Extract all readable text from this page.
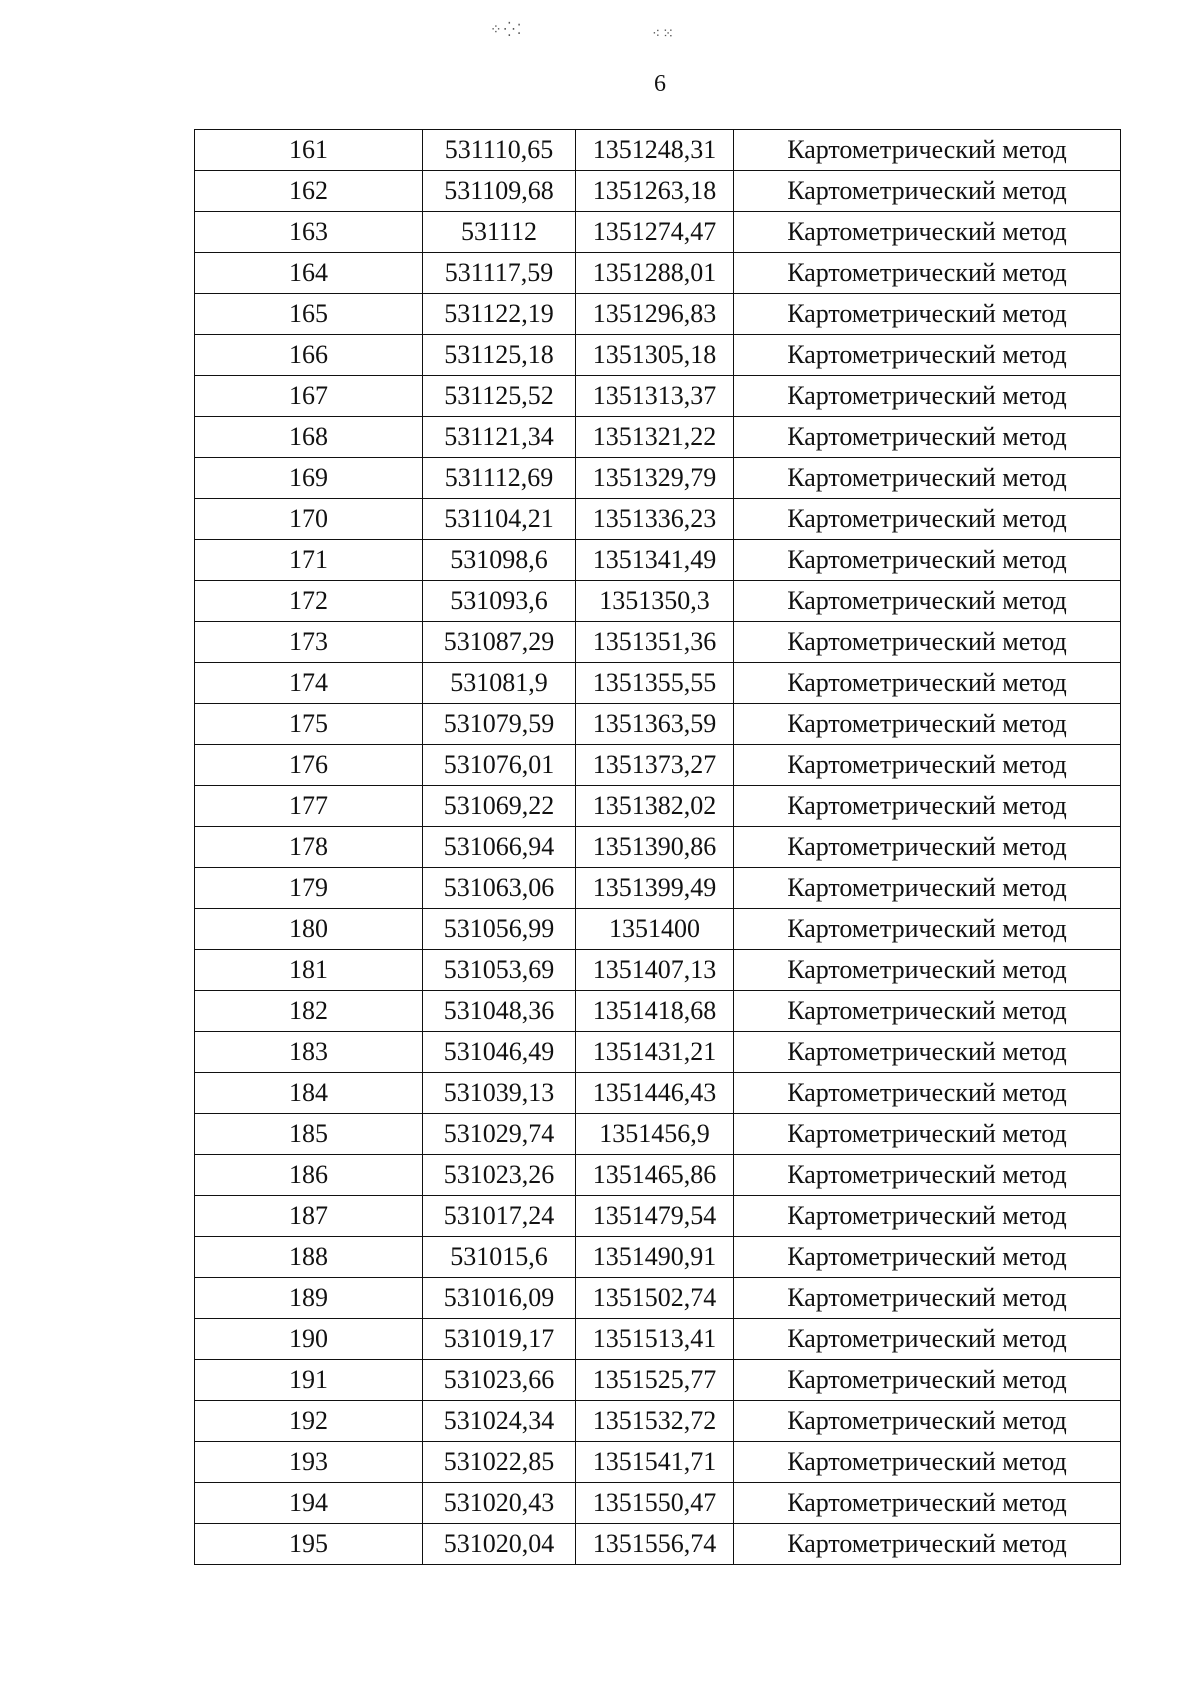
⁘⁛⁚	⁖⁙
6
161	531110,65	1351248,31	Картометрический метод
162	531109,68	1351263,18	Картометрический метод
163	531112	1351274,47	Картометрический метод
164	531117,59	1351288,01	Картометрический метод
165	531122,19	1351296,83	Картометрический метод
166	531125,18	1351305,18	Картометрический метод
167	531125,52	1351313,37	Картометрический метод
168	531121,34	1351321,22	Картометрический метод
169	531112,69	1351329,79	Картометрический метод
170	531104,21	1351336,23	Картометрический метод
171	531098,6	1351341,49	Картометрический метод
172	531093,6	1351350,3	Картометрический метод
173	531087,29	1351351,36	Картометрический метод
174	531081,9	1351355,55	Картометрический метод
175	531079,59	1351363,59	Картометрический метод
176	531076,01	1351373,27	Картометрический метод
177	531069,22	1351382,02	Картометрический метод
178	531066,94	1351390,86	Картометрический метод
179	531063,06	1351399,49	Картометрический метод
180	531056,99	1351400	Картометрический метод
181	531053,69	1351407,13	Картометрический метод
182	531048,36	1351418,68	Картометрический метод
183	531046,49	1351431,21	Картометрический метод
184	531039,13	1351446,43	Картометрический метод
185	531029,74	1351456,9	Картометрический метод
186	531023,26	1351465,86	Картометрический метод
187	531017,24	1351479,54	Картометрический метод
188	531015,6	1351490,91	Картометрический метод
189	531016,09	1351502,74	Картометрический метод
190	531019,17	1351513,41	Картометрический метод
191	531023,66	1351525,77	Картометрический метод
192	531024,34	1351532,72	Картометрический метод
193	531022,85	1351541,71	Картометрический метод
194	531020,43	1351550,47	Картометрический метод
195	531020,04	1351556,74	Картометрический метод
